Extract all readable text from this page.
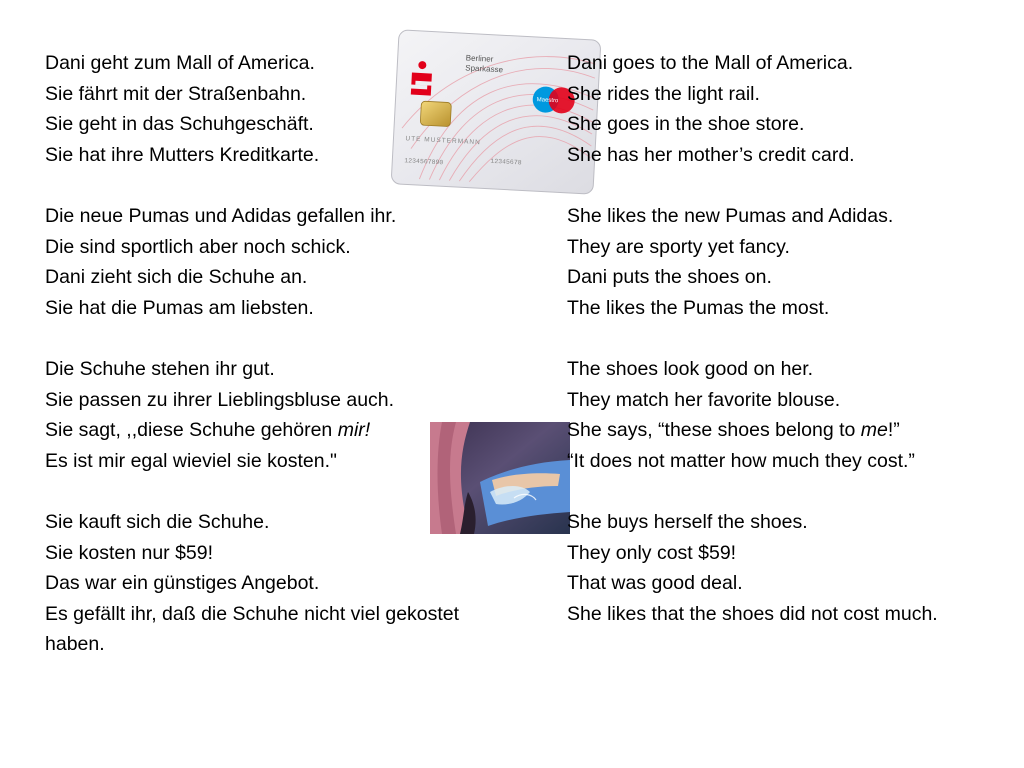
Dani geht zum Mall of America.
Sie fährt mit der Straßenbahn.
Sie geht in das Schuhgeschäft.
Sie hat ihre Mutters Kreditkarte.
Die neue Pumas und Adidas gefallen ihr.
Die sind sportlich aber noch schick.
Dani zieht sich die Schuhe an.
Sie hat die Pumas am liebsten.
Die Schuhe stehen ihr gut.
Sie passen zu ihrer Lieblingsbluse auch.
Sie sagt, ,,diese Schuhe gehören mir!
Es ist mir egal wieviel sie kosten."
Sie kauft sich die Schuhe.
Sie kosten nur $59!
Das war ein günstiges Angebot.
Es gefällt ihr, daß die Schuhe nicht viel gekostet haben.
Dani goes to the Mall of America.
She rides the light rail.
She goes in the shoe store.
She has her mother’s credit card.
She likes the new Pumas and Adidas.
They are sporty yet fancy.
Dani puts the shoes on.
The likes the Pumas the most.
The shoes look good on her.
They match her favorite blouse.
She says, “these shoes belong to me!”
“It does not matter how much they cost.”
She buys herself the shoes.
They only cost $59!
That was good deal.
She likes that the shoes did not cost much.
Berliner
Sparkasse
Maestro
UTE MUSTERMANN
1234567890	12345678
